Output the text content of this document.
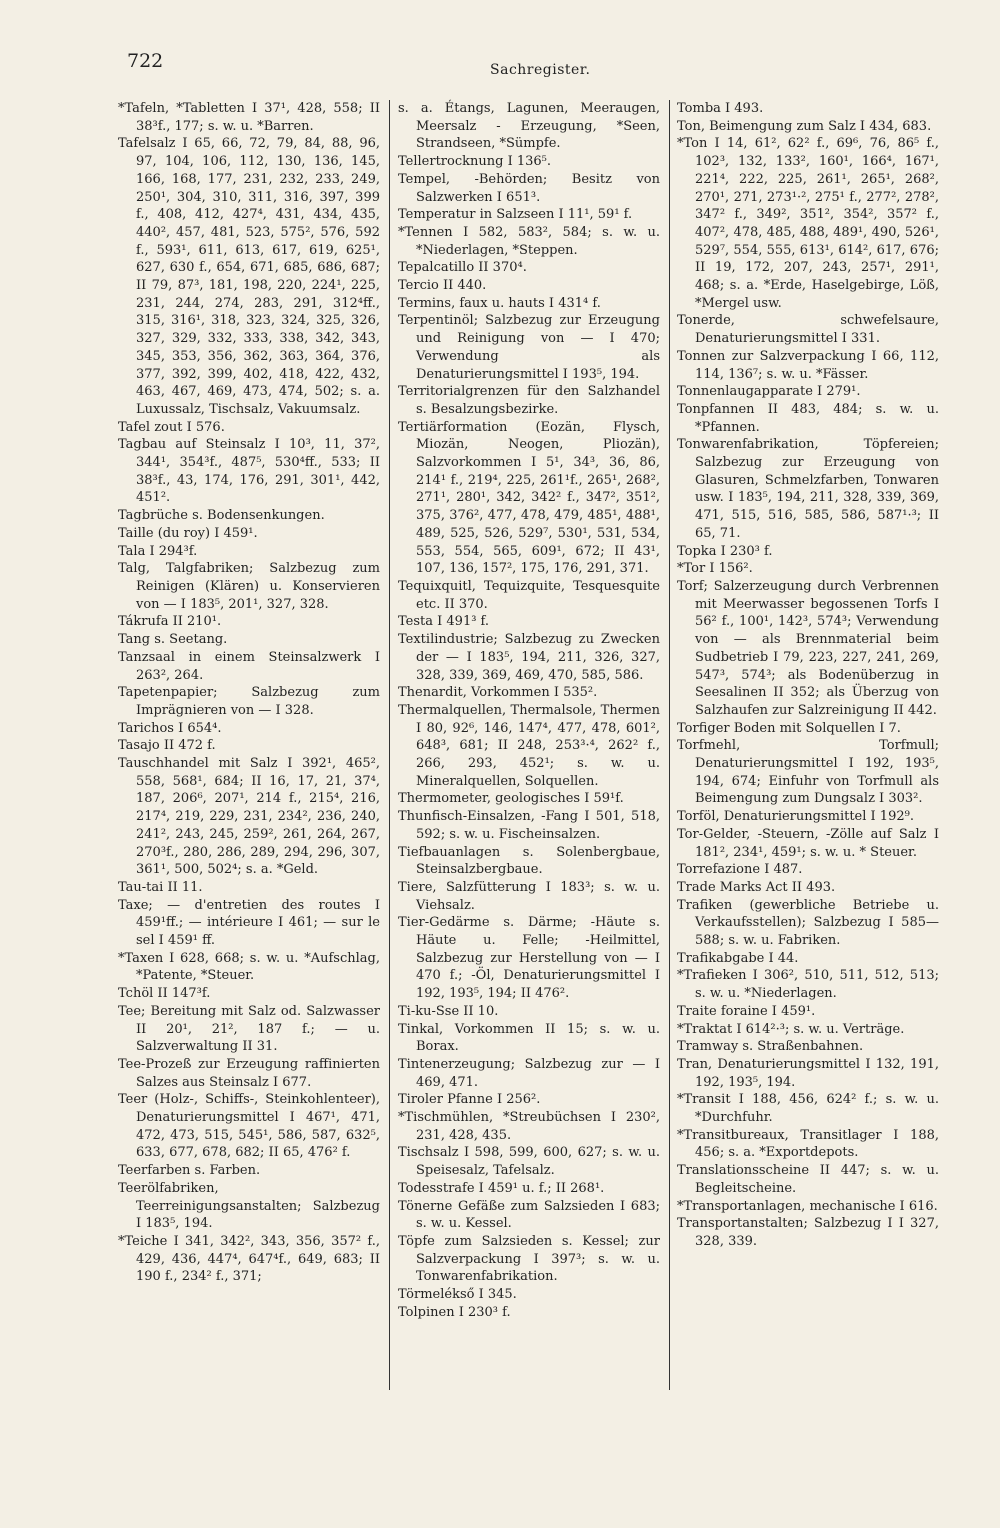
722	Sachregister.

*Tafeln, *Tabletten I 37¹, 428, 558; II 38³f., 177; s. w. u. *Barren.

Tafelsalz I 65, 66, 72, 79, 84, 88, 96, 97, 104, 106, 112, 130, 136, 145, 166, 168, 177, 231, 232, 233, 249, 250¹, 304, 310, 311, 316, 397, 399 f., 408, 412, 427⁴, 431, 434, 435, 440², 457, 481, 523, 575², 576, 592 f., 593¹, 611, 613, 617, 619, 625¹, 627, 630 f., 654, 671, 685, 686, 687; II 79, 87³, 181, 198, 220, 224¹, 225, 231, 244, 274, 283, 291, 312⁴ff., 315, 316¹, 318, 323, 324, 325, 326, 327, 329, 332, 333, 338, 342, 343, 345, 353, 356, 362, 363, 364, 376, 377, 392, 399, 402, 418, 422, 432, 463, 467, 469, 473, 474, 502; s. a. Luxussalz, Tischsalz, Vakuumsalz.

Tafel zout I 576.

Tagbau auf Steinsalz I 10³, 11, 37², 344¹, 354³f., 487⁵, 530⁴ff., 533; II 38³f., 43, 174, 176, 291, 301¹, 442, 451².

Tagbrüche s. Bodensenkungen.

Taille (du roy) I 459¹.

Tala I 294³f.

Talg, Talgfabriken; Salzbezug zum Reinigen (Klären) u. Konservieren von — I 183⁵, 201¹, 327, 328.

Tákrufa II 210¹.

Tang s. Seetang.

Tanzsaal in einem Steinsalzwerk I 263², 264.

Tapetenpapier; Salzbezug zum Imprägnieren von — I 328.

Tarichos I 654⁴.

Tasajo II 472 f.

Tauschhandel mit Salz I 392¹, 465², 558, 568¹, 684; II 16, 17, 21, 37⁴, 187, 206⁶, 207¹, 214 f., 215⁴, 216, 217⁴, 219, 229, 231, 234², 236, 240, 241², 243, 245, 259², 261, 264, 267, 270³f., 280, 286, 289, 294, 296, 307, 361¹, 500, 502⁴; s. a. *Geld.

Tau-tai II 11.

Taxe; — d'entretien des routes I 459¹ff.; — intérieure I 461; — sur le sel I 459¹ ff.

*Taxen I 628, 668; s. w. u. *Aufschlag, *Patente, *Steuer.

Tchöl II 147³f.

Tee; Bereitung mit Salz od. Salzwasser II 20¹, 21², 187 f.; — u. Salzverwaltung II 31.

Tee-Prozeß zur Erzeugung raffinierten Salzes aus Steinsalz I 677.

Teer (Holz-, Schiffs-, Steinkohlenteer), Denaturierungsmittel I 467¹, 471, 472, 473, 515, 545¹, 586, 587, 632⁵, 633, 677, 678, 682; II 65, 476² f.

Teerfarben s. Farben.

Teerölfabriken, Teerreinigungsanstalten; Salzbezug I 183⁵, 194.

*Teiche I 341, 342², 343, 356, 357² f., 429, 436, 447⁴, 647⁴f., 649, 683; II 190 f., 234² f., 371;

s. a. Étangs, Lagunen, Meeraugen, Meersalz - Erzeugung, *Seen, Strandseen, *Sümpfe.

Tellertrocknung I 136⁵.

Tempel, -Behörden; Besitz von Salzwerken I 651³.

Temperatur in Salzseen I 11¹, 59¹ f.

*Tennen I 582, 583², 584; s. w. u. *Niederlagen, *Steppen.

Tepalcatillo II 370⁴.

Tercio II 440.

Termins, faux u. hauts I 431⁴ f.

Terpentinöl; Salzbezug zur Erzeugung und Reinigung von — I 470; Verwendung als Denaturierungsmittel I 193⁵, 194.

Territorialgrenzen für den Salzhandel s. Besalzungsbezirke.

Tertiärformation (Eozän, Flysch, Miozän, Neogen, Pliozän), Salzvorkommen I 5¹, 34³, 36, 86, 214¹ f., 219⁴, 225, 261¹f., 265¹, 268², 271¹, 280¹, 342, 342² f., 347², 351², 375, 376², 477, 478, 479, 485¹, 488¹, 489, 525, 526, 529⁷, 530¹, 531, 534, 553, 554, 565, 609¹, 672; II 43¹, 107, 136, 157², 175, 176, 291, 371.

Tequixquitl, Tequizquite, Tesquesquite etc. II 370.

Testa I 491³ f.

Textilindustrie; Salzbezug zu Zwecken der — I 183⁵, 194, 211, 326, 327, 328, 339, 369, 469, 470, 585, 586.

Thenardit, Vorkommen I 535².

Thermalquellen, Thermalsole, Thermen I 80, 92⁶, 146, 147⁴, 477, 478, 601², 648³, 681; II 248, 253³·⁴, 262² f., 266, 293, 452¹; s. w. u. Mineralquellen, Solquellen.

Thermometer, geologisches I 59¹f.

Thunfisch-Einsalzen, -Fang I 501, 518, 592; s. w. u. Fischeinsalzen.

Tiefbauanlagen s. Solenbergbaue, Steinsalzbergbaue.

Tiere, Salzfütterung I 183³; s. w. u. Viehsalz.

Tier-Gedärme s. Därme; -Häute s. Häute u. Felle; -Heilmittel, Salzbezug zur Herstellung von — I 470 f.; -Öl, Denaturierungsmittel I 192, 193⁵, 194; II 476².

Ti-ku-Sse II 10.

Tinkal, Vorkommen II 15; s. w. u. Borax.

Tintenerzeugung; Salzbezug zur — I 469, 471.

Tiroler Pfanne I 256².

*Tischmühlen, *Streubüchsen I 230², 231, 428, 435.

Tischsalz I 598, 599, 600, 627; s. w. u. Speisesalz, Tafelsalz.

Todesstrafe I 459¹ u. f.; II 268¹.

Tönerne Gefäße zum Salzsieden I 683; s. w. u. Kessel.

Töpfe zum Salzsieden s. Kessel; zur Salzverpackung I 397³; s. w. u. Tonwarenfabrikation.

Törmelékső I 345.

Tolpinen I 230³ f.

Tomba I 493.

Ton, Beimengung zum Salz I 434, 683.

*Ton I 14, 61², 62² f., 69⁶, 76, 86⁵ f., 102³, 132, 133², 160¹, 166⁴, 167¹, 221⁴, 222, 225, 261¹, 265¹, 268², 270¹, 271, 273¹·², 275¹ f., 277², 278², 347² f., 349², 351², 354², 357² f., 407², 478, 485, 488, 489¹, 490, 526¹, 529⁷, 554, 555, 613¹, 614², 617, 676; II 19, 172, 207, 243, 257¹, 291¹, 468; s. a. *Erde, Haselgebirge, Löß, *Mergel usw.

Tonerde, schwefelsaure, Denaturierungsmittel I 331.

Tonnen zur Salzverpackung I 66, 112, 114, 136⁷; s. w. u. *Fässer.

Tonnenlaugapparate I 279¹.

Tonpfannen II 483, 484; s. w. u. *Pfannen.

Tonwarenfabrikation, Töpfereien; Salzbezug zur Erzeugung von Glasuren, Schmelzfarben, Tonwaren usw. I 183⁵, 194, 211, 328, 339, 369, 471, 515, 516, 585, 586, 587¹·³; II 65, 71.

Topka I 230³ f.

*Tor I 156².

Torf; Salzerzeugung durch Verbrennen mit Meerwasser begossenen Torfs I 56² f., 100¹, 142³, 574³; Verwendung von — als Brennmaterial beim Sudbetrieb I 79, 223, 227, 241, 269, 547³, 574³; als Bodenüberzug in Seesalinen II 352; als Überzug von Salzhaufen zur Salzreinigung II 442.

Torfiger Boden mit Solquellen I 7.

Torfmehl, Torfmull; Denaturierungsmittel I 192, 193⁵, 194, 674; Einfuhr von Torfmull als Beimengung zum Dungsalz I 303².

Torföl, Denaturierungsmittel I 192⁹.

Tor-Gelder, -Steuern, -Zölle auf Salz I 181², 234¹, 459¹; s. w. u. * Steuer.

Torrefazione I 487.

Trade Marks Act II 493.

Trafiken (gewerbliche Betriebe u. Verkaufsstellen); Salzbezug I 585—588; s. w. u. Fabriken.

Trafikabgabe I 44.

*Trafieken I 306², 510, 511, 512, 513; s. w. u. *Niederlagen.

Traite foraine I 459¹.

*Traktat I 614²·³; s. w. u. Verträge.

Tramway s. Straßenbahnen.

Tran, Denaturierungsmittel I 132, 191, 192, 193⁵, 194.

*Transit I 188, 456, 624² f.; s. w. u. *Durchfuhr.

*Transitbureaux, Transitlager I 188, 456; s. a. *Exportdepots.

Translationsscheine II 447; s. w. u. Begleitscheine.

*Transportanlagen, mechanische I 616.

Transportanstalten; Salzbezug I I 327, 328, 339.
